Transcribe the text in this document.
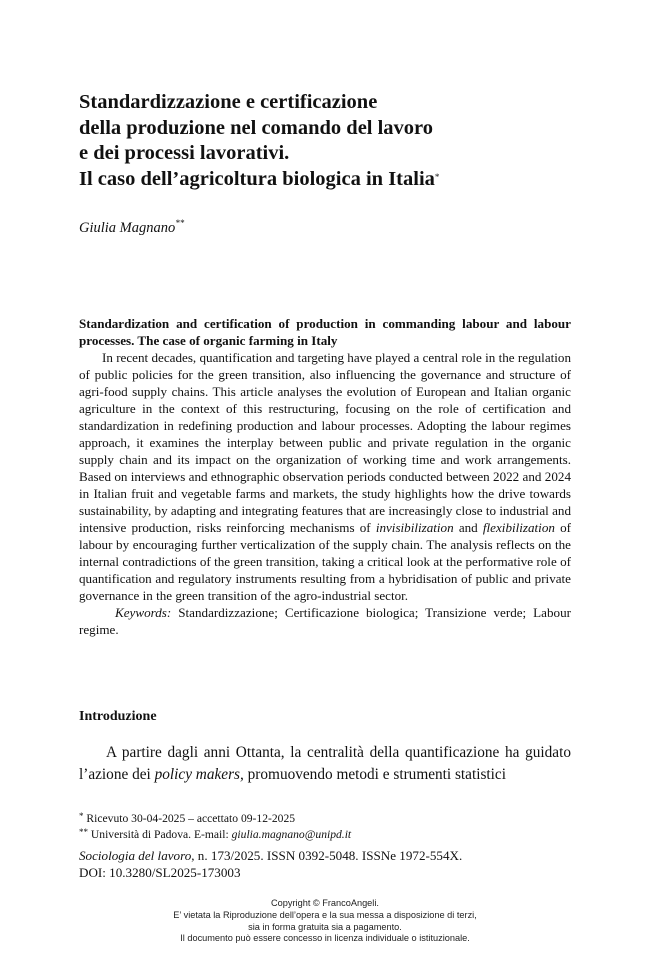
Standardizzazione e certificazione
della produzione nel comando del lavoro
e dei processi lavorativi.
Il caso dell’agricoltura biologica in Italia*
Giulia Magnano**
Standardization and certification of production in commanding labour and labour processes. The case of organic farming in Italy
In recent decades, quantification and targeting have played a central role in the regulation of public policies for the green transition, also influencing the governance and structure of agri-food supply chains. This article analyses the evolution of European and Italian organic agriculture in the context of this restructuring, focusing on the role of certification and standardization in redefining production and labour processes. Adopting the labour regimes approach, it examines the interplay between public and private regulation in the organic supply chain and its impact on the organization of working time and work arrangements. Based on interviews and ethnographic observation periods conducted between 2022 and 2024 in Italian fruit and vegetable farms and markets, the study highlights how the drive towards sustainability, by adapting and integrating features that are increasingly close to industrial and intensive production, risks reinforcing mechanisms of invisibilization and flexibilization of labour by encouraging further verticalization of the supply chain. The analysis reflects on the internal contradictions of the green transition, taking a critical look at the performative role of quantification and regulatory instruments resulting from a hybridisation of public and private governance in the green transition of the agro-industrial sector.
Keywords: Standardizzazione; Certificazione biologica; Transizione verde; Labour regime.
Introduzione
A partire dagli anni Ottanta, la centralità della quantificazione ha guidato l’azione dei policy makers, promuovendo metodi e strumenti statistici
* Ricevuto 30-04-2025 – accettato 09-12-2025
** Università di Padova. E-mail: giulia.magnano@unipd.it
Sociologia del lavoro, n. 173/2025. ISSN 0392-5048. ISSNe 1972-554X.
DOI: 10.3280/SL2025-173003
Copyright © FrancoAngeli.
E’ vietata la Riproduzione dell’opera e la sua messa a disposizione di terzi,
sia in forma gratuita sia a pagamento.
Il documento può essere concesso in licenza individuale o istituzionale.
